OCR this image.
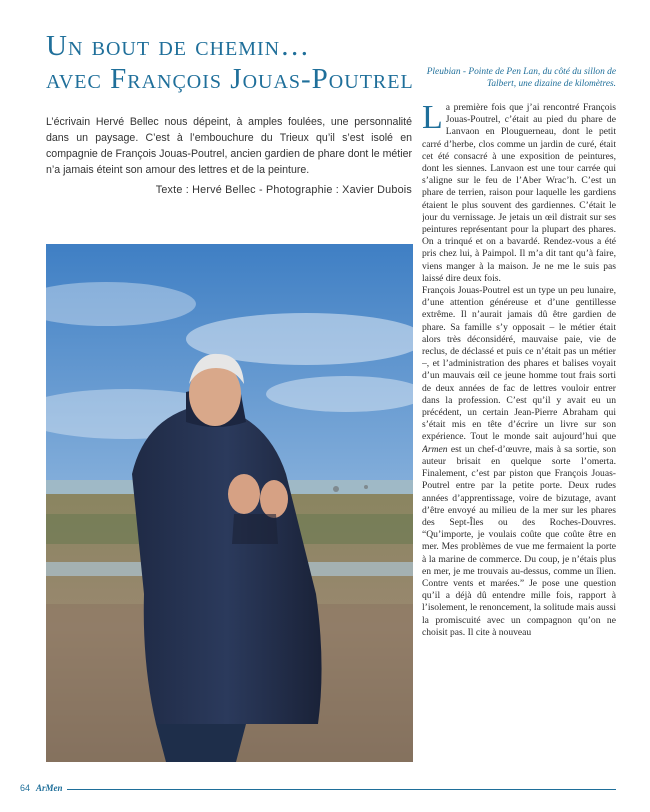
Un bout de chemin…
avec François Jouas-Poutrel

L’écrivain Hervé Bellec nous dépeint, à amples foulées, une personnalité dans un paysage. C’est à l’embouchure du Trieux qu’il s’est isolé en compagnie de François Jouas-Poutrel, ancien gardien de phare dont le métier n’a jamais éteint son amour des lettres et de la peinture.

Texte : Hervé Bellec - Photographie : Xavier Dubois
Pleubian - Pointe de Pen Lan, du côté du sillon de Talbert, une dizaine de kilomètres.

La première fois que j’ai rencontré François Jouas-Poutrel, c’était au pied du phare de Lanvaon en Plouguerneau, dont le petit carré d’herbe, clos comme un jardin de curé, était cet été consacré à une exposition de peintures, dont les siennes. Lanvaon est une tour carrée qui s’aligne sur le feu de l’Aber Wrac’h. C’est un phare de terrien, raison pour laquelle les gardiens étaient le plus souvent des gardiennes. C’était le jour du vernissage. Je jetais un œil distrait sur ses peintures représentant pour la plupart des phares. On a trinqué et on a bavardé. Rendez-vous a été pris chez lui, à Paimpol. Il m’a dit tant qu’à faire, viens manger à la maison. Je ne me le suis pas laissé dire deux fois.

François Jouas-Poutrel est un type un peu lunaire, d’une attention généreuse et d’une gentillesse extrême. Il n’aurait jamais dû être gardien de phare. Sa famille s’y opposait – le métier était alors très déconsidéré, mauvaise paie, vie de reclus, de déclassé et puis ce n’était pas un métier –, et l’administration des phares et balises voyait d’un mauvais œil ce jeune homme tout frais sorti de deux années de fac de lettres vouloir entrer dans la profession. C’est qu’il y avait eu un précédent, un certain Jean-Pierre Abraham qui s’était mis en tête d’écrire un livre sur son expérience. Tout le monde sait aujourd’hui que Armen est un chef-d’œuvre, mais à sa sortie, son auteur brisait en quelque sorte l’omerta. Finalement, c’est par piston que François Jouas-Poutrel entre par la petite porte. Deux rudes années d’apprentissage, voire de bizutage, avant d’être envoyé au milieu de la mer sur les phares des Sept-Îles ou des Roches-Douvres. “Qu’importe, je voulais coûte que coûte être en mer. Mes problèmes de vue me fermaient la porte à la marine de commerce. Du coup, je n’étais plus en mer, je me trouvais au-dessus, comme un îlien. Contre vents et marées.” Je pose une question qu’il a déjà dû entendre mille fois, rapport à l’isolement, le renoncement, la solitude mais aussi la promiscuité avec un compagnon qu’on ne choisit pas. Il cite à nouveau

64 ArMen
